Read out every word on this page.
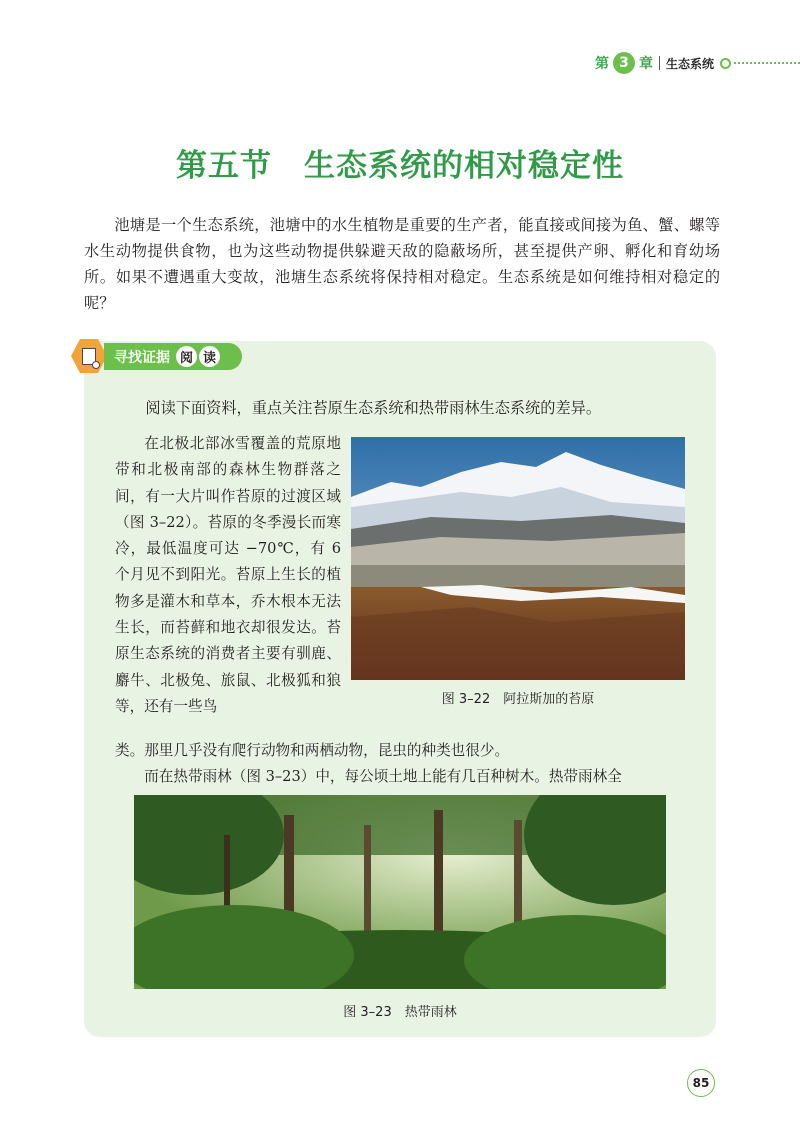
第 3 章 生态系统
第五节　生态系统的相对稳定性

池塘是一个生态系统，池塘中的水生植物是重要的生产者，能直接或间接为鱼、蟹、螺等水生动物提供食物，也为这些动物提供躲避天敌的隐蔽场所，甚至提供产卵、孵化和育幼场所。如果不遭遇重大变故，池塘生态系统将保持相对稳定。生态系统是如何维持相对稳定的呢？

寻找证据 阅 读

阅读下面资料，重点关注苔原生态系统和热带雨林生态系统的差异。

在北极北部冰雪覆盖的荒原地带和北极南部的森林生物群落之间，有一大片叫作苔原的过渡区域（图 3–22）。苔原的冬季漫长而寒冷，最低温度可达 −70℃，有 6 个月见不到阳光。苔原上生长的植物多是灌木和草本，乔木根本无法生长，而苔藓和地衣却很发达。苔原生态系统的消费者主要有驯鹿、麝牛、北极兔、旅鼠、北极狐和狼等，还有一些鸟	图 3–22　阿拉斯加的苔原

类。那里几乎没有爬行动物和两栖动物，昆虫的种类也很少。

而在热带雨林（图 3–23）中，每公顷土地上能有几百种树木。热带雨林全

图 3–23　热带雨林
85
